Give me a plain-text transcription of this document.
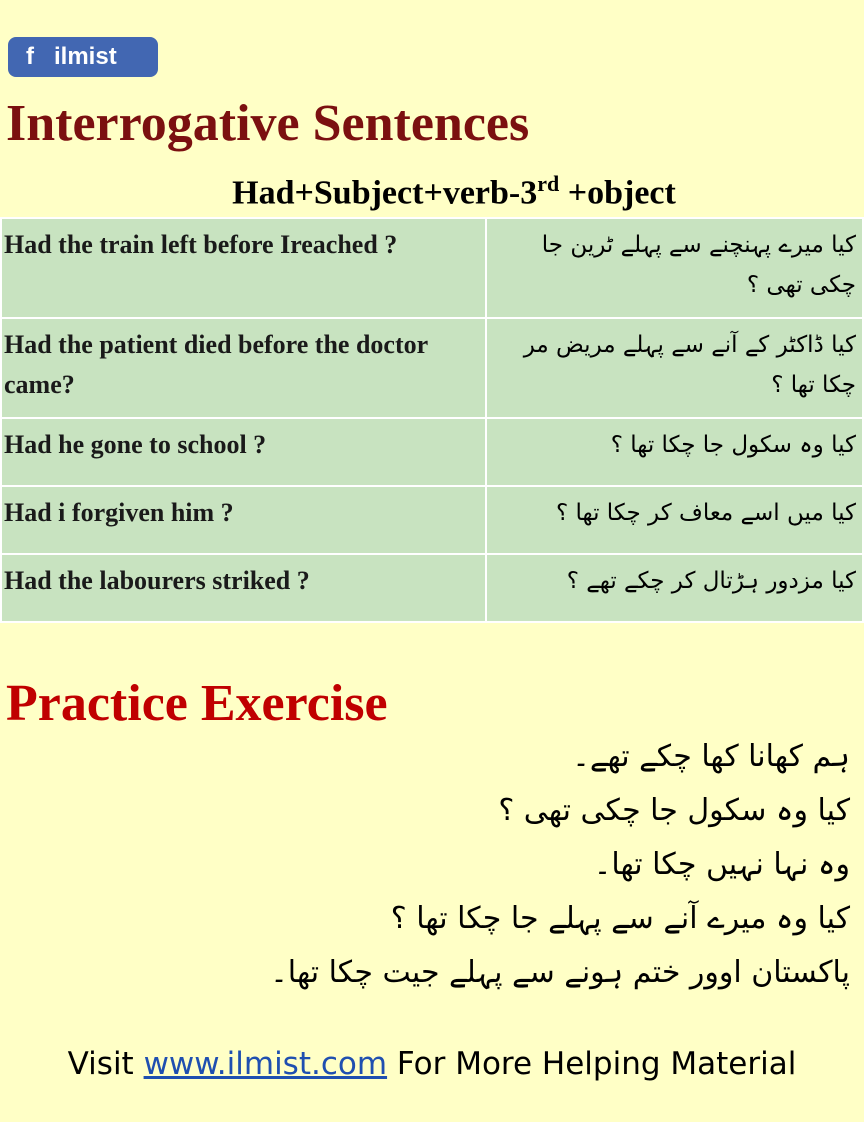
f ilmist
Interrogative Sentences
Had+Subject+verb-3rd +object
Had the train left before Ireached ?	کیا میرے پہنچنے سے پہلے ٹرین جا چکی تھی ؟
Had the patient died before the doctor came?	کیا ڈاکٹر کے آنے سے پہلے مریض مر چکا تھا ؟
Had he gone to school ?	کیا وہ سکول جا چکا تھا ؟
Had i forgiven him ?	کیا میں اسے معاف کر چکا تھا ؟
Had the labourers striked ?	کیا مزدور ہڑتال کر چکے تھے ؟
Practice Exercise
ہم کھانا کھا چکے تھے۔
کیا وہ سکول جا چکی تھی ؟
وہ نہا نہیں چکا تھا۔
کیا وہ میرے آنے سے پہلے جا چکا تھا ؟
پاکستان اوور ختم ہونے سے پہلے جیت چکا تھا۔
Visit www.ilmist.com For More Helping Material
